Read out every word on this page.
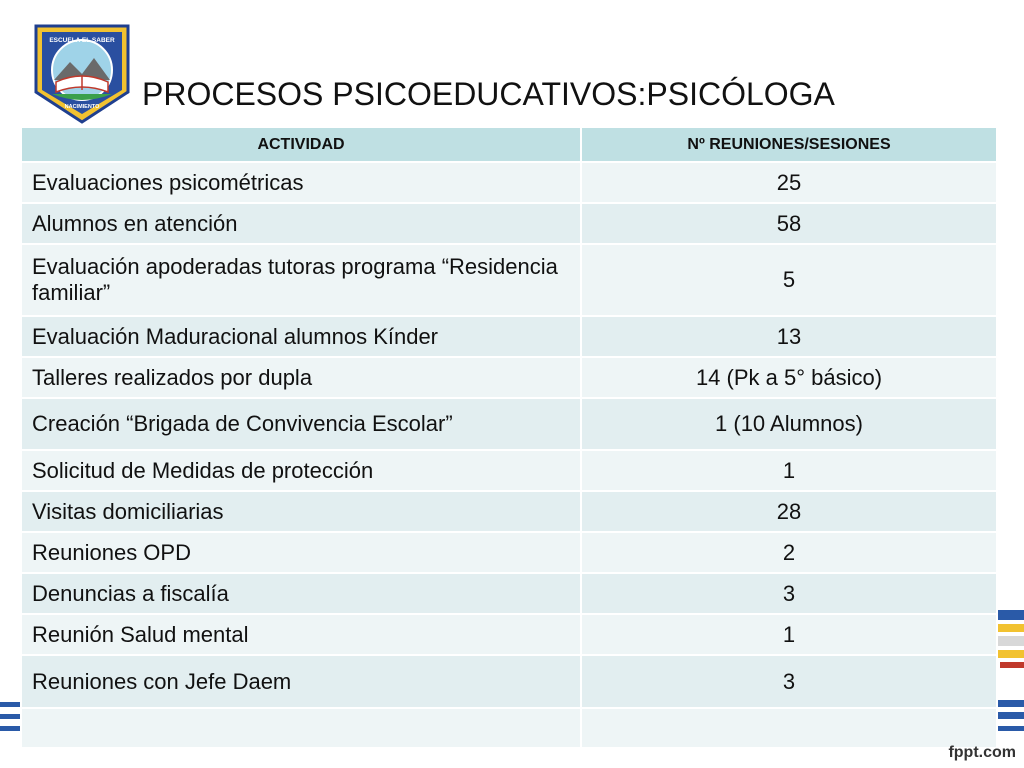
ESCUELA EL SABER
NACIMIENTO PROCESOS PSICOEDUCATIVOS:PSICÓLOGA
ACTIVIDAD	Nº REUNIONES/SESIONES
Evaluaciones psicométricas	25
Alumnos en atención	58
Evaluación apoderadas tutoras programa “Residencia familiar”	5
Evaluación Maduracional alumnos Kínder	13
Talleres realizados por dupla	14 (Pk a 5° básico)
Creación “Brigada de Convivencia Escolar”	1 (10 Alumnos)
Solicitud de Medidas de protección	1
Visitas domiciliarias	28
Reuniones OPD	2
Denuncias a fiscalía	3
Reunión Salud mental	1
Reuniones con Jefe Daem	3

fppt.com
